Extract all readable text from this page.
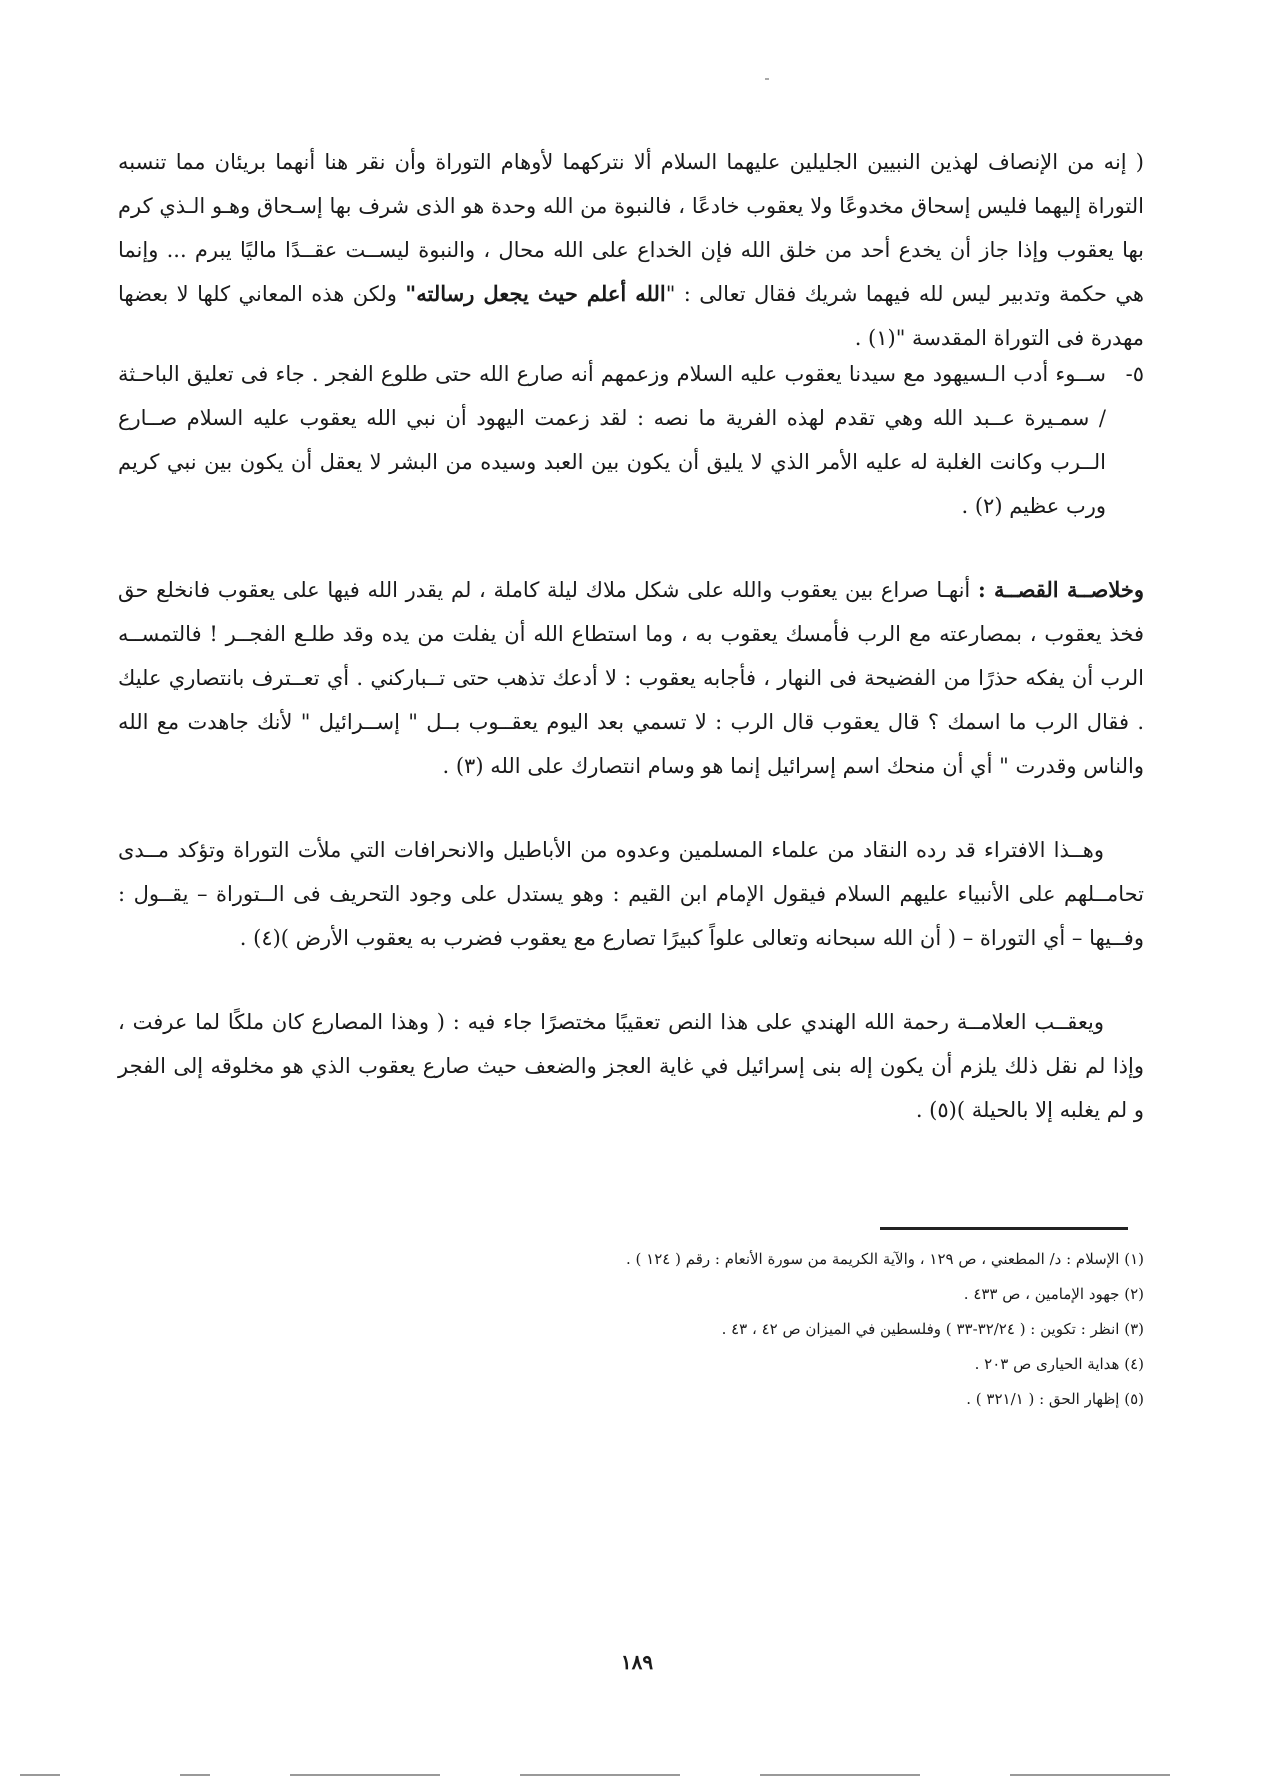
( إنه من الإنصاف لهذين النبيين الجليلين عليهما السلام ألا نتركهما لأوهام التوراة وأن نقر هنا أنهما بريئان مما تنسبه التوراة إليهما فليس إسحاق مخدوعًا ولا يعقوب خادعًا ، فالنبوة من الله وحدة هو الذى شرف بها إسـحاق وهـو الـذي كرم بها يعقوب وإذا جاز أن يخدع أحد من خلق الله فإن الخداع على الله محال ، والنبوة ليســت عقــدًا ماليًا يبرم ... وإنما هي حكمة وتدبير ليس لله فيهما شريك فقال تعالى : "الله أعلم حيث يجعل رسالته" ولكن هذه المعاني كلها لا بعضها مهدرة فى التوراة المقدسة "(١) .

٥-
ســوء أدب الـسيهود مع سيدنا يعقوب عليه السلام وزعمهم أنه صارع الله حتى طلوع الفجر . جاء فى تعليق الباحـثة / سمـيرة عــبد الله وهي تقدم لهذه الفرية ما نصه : لقد زعمت اليهود أن نبي الله يعقوب عليه السلام صــارع الــرب وكانت الغلبة له عليه الأمر الذي لا يليق أن يكون بين العبد وسيده من البشر لا يعقل أن يكون بين نبي كريم ورب عظيم (٢) .

وخلاصــة القصــة : أنهـا صراع بين يعقوب والله على شكل ملاك ليلة كاملة ، لم يقدر الله فيها على يعقوب فانخلع حق فخذ يعقوب ، بمصارعته مع الرب فأمسك يعقوب به ، وما استطاع الله أن يفلت من يده وقد طلـع الفجــر ! فالتمســه الرب أن يفكه حذرًا من الفضيحة فى النهار ، فأجابه يعقوب : لا أدعك تذهب حتى تــباركني . أي تعــترف بانتصاري عليك . فقال الرب ما اسمك ؟ قال يعقوب قال الرب : لا تسمي بعد اليوم يعقــوب بــل " إســرائيل " لأنك جاهدت مع الله والناس وقدرت " أي أن منحك اسم إسرائيل إنما هو وسام انتصارك على الله (٣) .

وهــذا الافتراء قد رده النقاد من علماء المسلمين وعدوه من الأباطيل والانحرافات التي ملأت التوراة وتؤكد مــدى تحامــلهم على الأنبياء عليهم السلام فيقول الإمام ابن القيم : وهو يستدل على وجود التحريف فى الــتوراة – يقــول : وفــيها – أي التوراة – ( أن الله سبحانه وتعالى علواً كبيرًا تصارع مع يعقوب فضرب به يعقوب الأرض )(٤) .

ويعقــب العلامــة رحمة الله الهندي على هذا النص تعقيبًا مختصرًا جاء فيه : ( وهذا المصارع كان ملكًا لما عرفت ، وإذا لم نقل ذلك يلزم أن يكون إله بنى إسرائيل في غاية العجز والضعف حيث صارع يعقوب الذي هو مخلوقه إلى الفجر و لم يغلبه إلا بالحيلة )(٥) .

(١) الإسلام : د/ المطعني ، ص ١٢٩ ، والآية الكريمة من سورة الأنعام : رقم ( ١٢٤ ) .
(٢) جهود الإمامين ، ص ٤٣٣ .
(٣) انظر : تكوين : ( ٣٢/٢٤-٣٣ ) وفلسطين في الميزان ص ٤٢ ، ٤٣ .
(٤) هداية الحيارى ص ٢٠٣ .
(٥) إظهار الحق : ( ٣٢١/١ ) .
١٨٩
